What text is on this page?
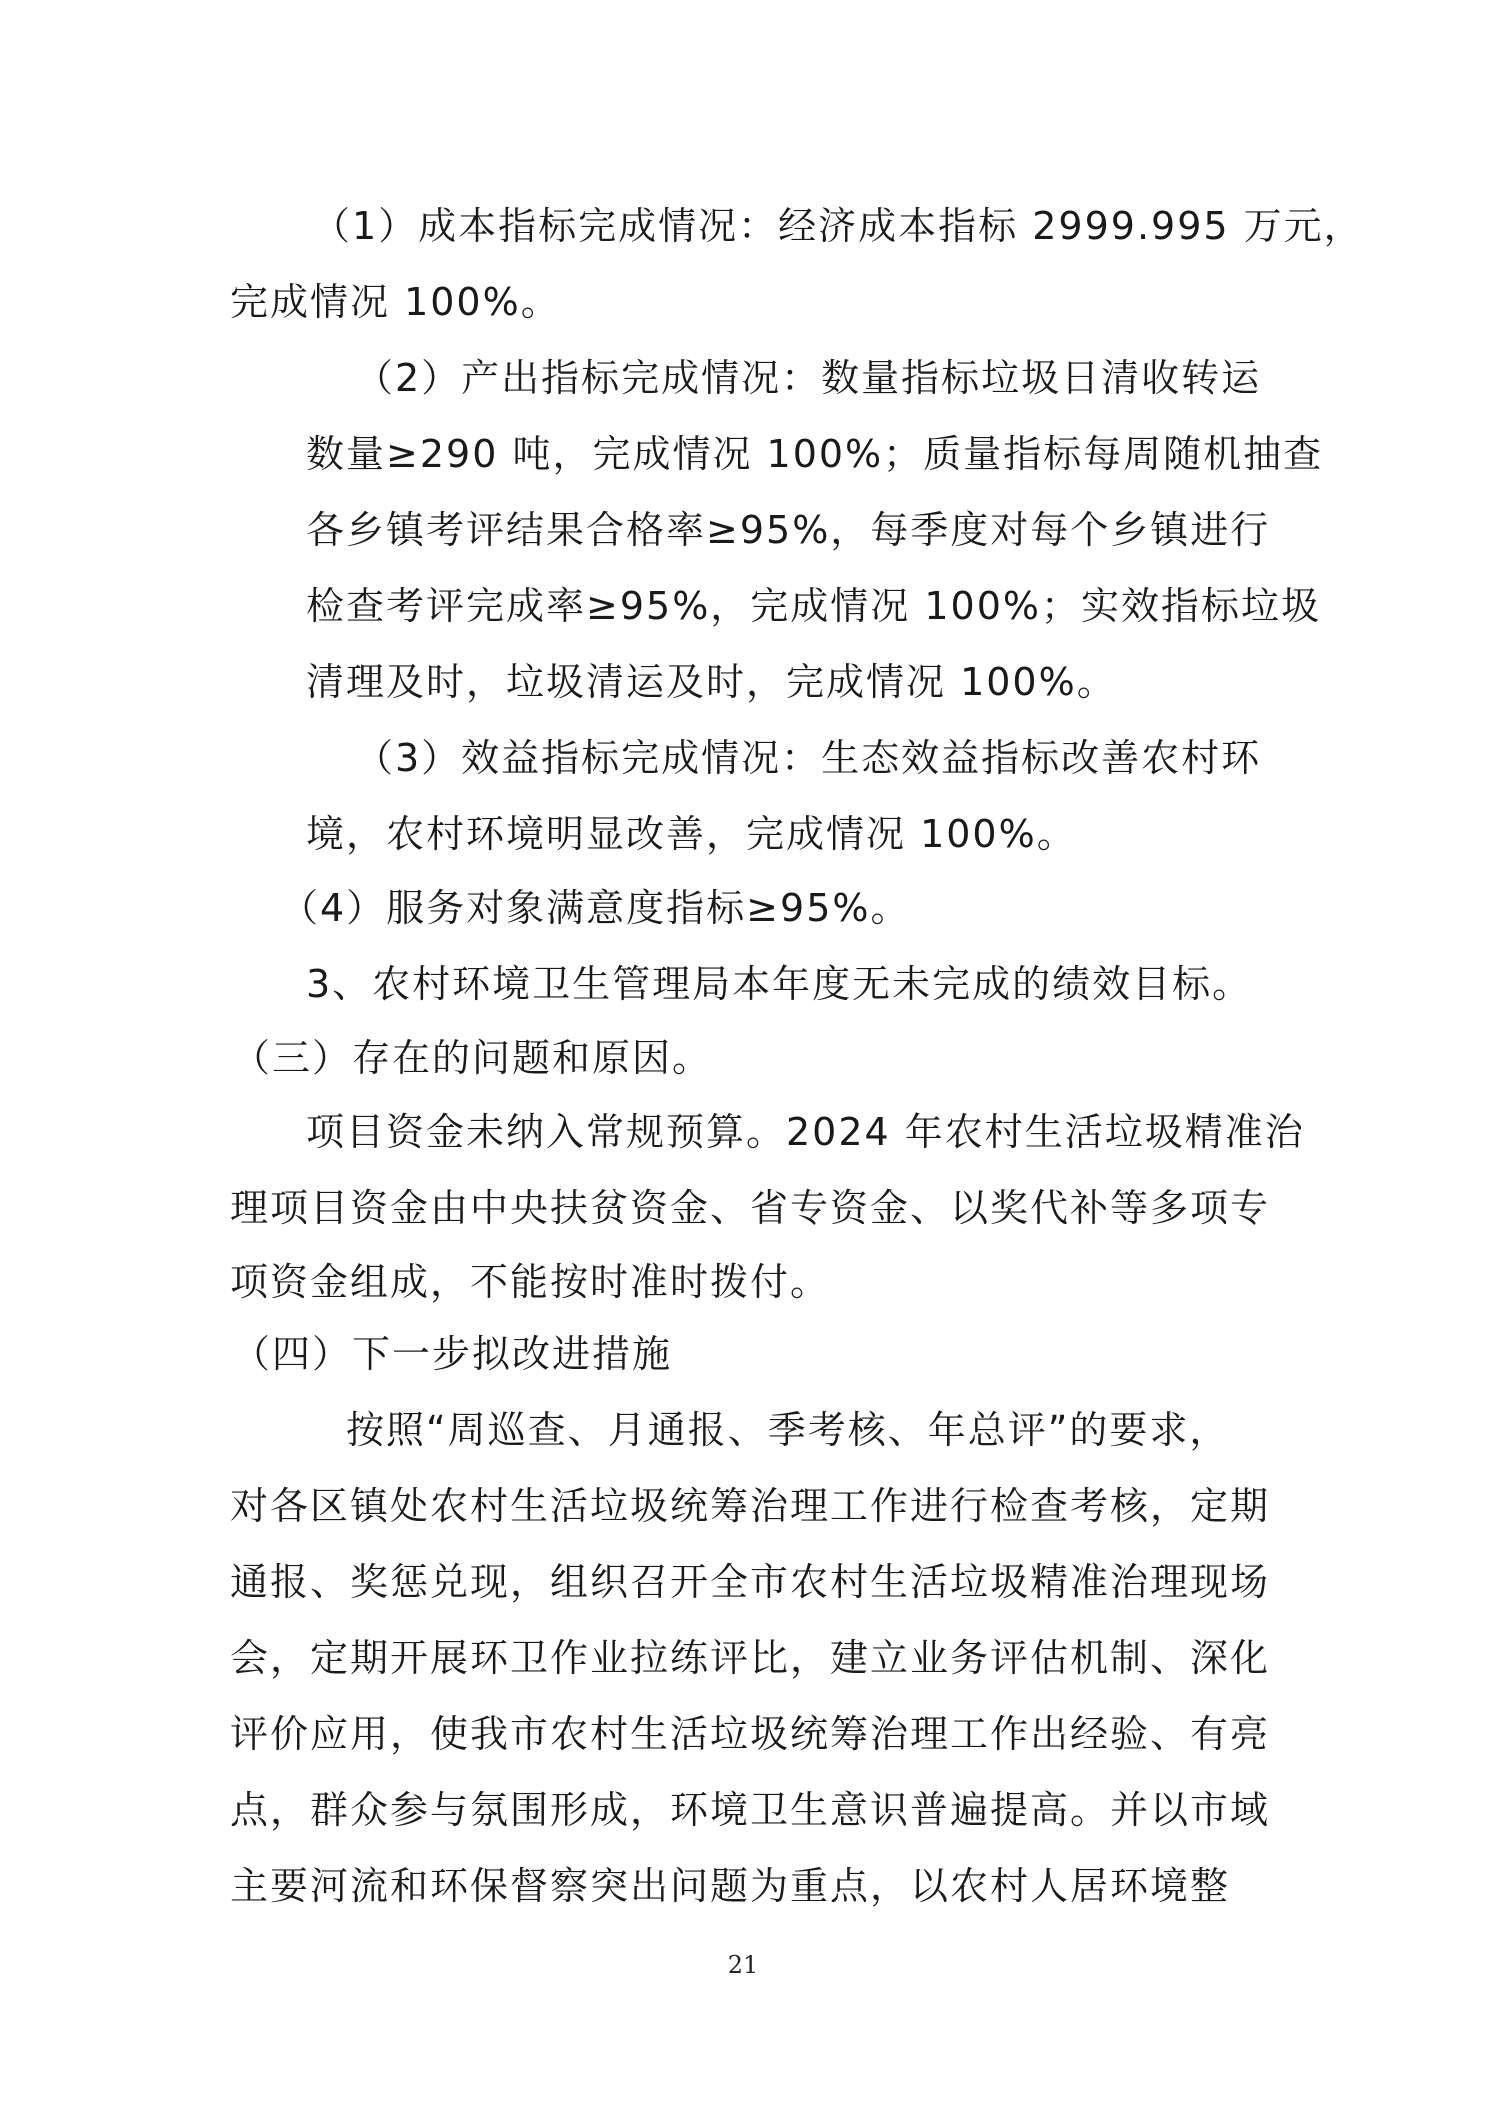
（1）成本指标完成情况：经济成本指标 2999.995 万元，
完成情况 100%。
（2）产出指标完成情况：数量指标垃圾日清收转运
数量≥290 吨，完成情况 100%；质量指标每周随机抽查
各乡镇考评结果合格率≥95%，每季度对每个乡镇进行
检查考评完成率≥95%，完成情况 100%；实效指标垃圾
清理及时，垃圾清运及时，完成情况 100%。
（3）效益指标完成情况：生态效益指标改善农村环
境，农村环境明显改善，完成情况 100%。
（4）服务对象满意度指标≥95%。
3、农村环境卫生管理局本年度无未完成的绩效目标。
（三）存在的问题和原因。
项目资金未纳入常规预算。2024 年农村生活垃圾精准治
理项目资金由中央扶贫资金、省专资金、以奖代补等多项专
项资金组成，不能按时准时拨付。
（四）下一步拟改进措施
按照“周巡查、月通报、季考核、年总评”的要求，
对各区镇处农村生活垃圾统筹治理工作进行检查考核，定期
通报、奖惩兑现，组织召开全市农村生活垃圾精准治理现场
会，定期开展环卫作业拉练评比，建立业务评估机制、深化
评价应用，使我市农村生活垃圾统筹治理工作出经验、有亮
点，群众参与氛围形成，环境卫生意识普遍提高。并以市域
主要河流和环保督察突出问题为重点，以农村人居环境整
21
